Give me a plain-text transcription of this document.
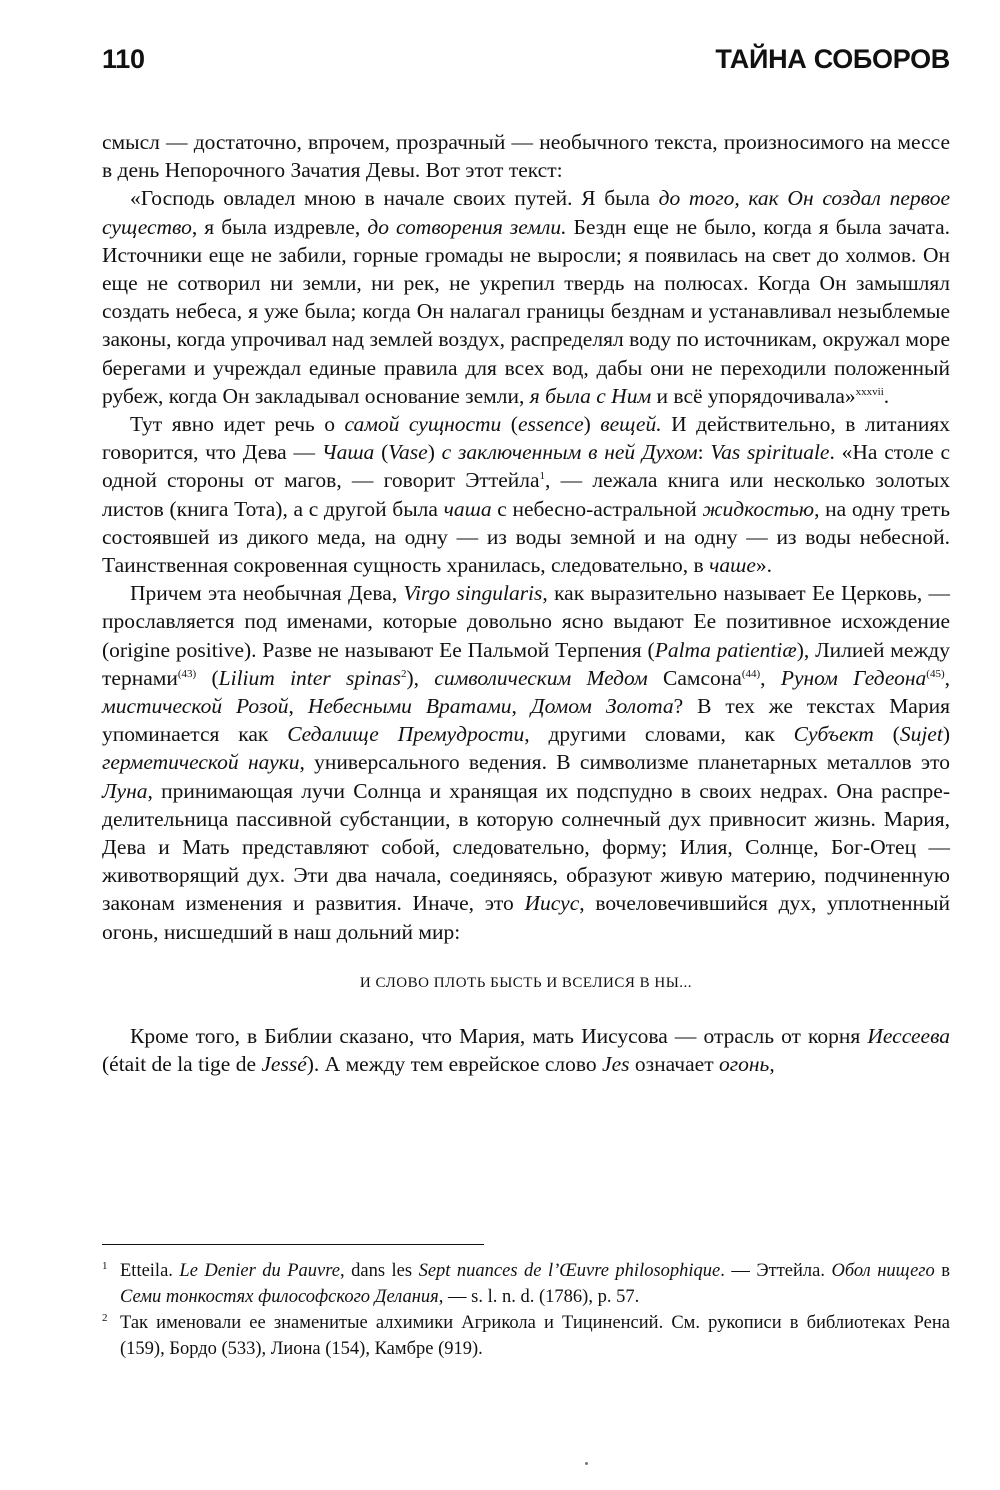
110	ТАЙНА СОБОРОВ

смысл — достаточно, впрочем, прозрачный — необычного текста, произносимого на мессе в день Непорочного Зачатия Девы. Вот этот текст:

«Господь овладел мною в начале своих путей. Я была до того, как Он создал первое существо, я была издревле, до сотворения земли. Бездн еще не было, когда я была зачата. Источники еще не забили, горные громады не выросли; я появилась на свет до холмов. Он еще не сотворил ни земли, ни рек, не укрепил твердь на полюсах. Когда Он замышлял создать небеса, я уже была; когда Он налагал границы безднам и устанавливал незыблемые законы, когда упрочивал над землей воздух, распределял воду по источникам, окружал море берегами и учреждал единые правила для всех вод, дабы они не переходили положенный рубеж, когда Он закладывал основание земли, я была с Ним и всё упорядочивала»$^{xxxvii}$.

Тут явно идет речь о самой сущности (essence) вещей. И действительно, в литаниях говорится, что Дева — Чаша (Vase) с заключенным в ней Духом: Vas spirituale. «На столе с одной стороны от магов, — говорит Эттейла$^1$, — лежала книга или несколько золотых листов (книга Тота), а с другой была чаша с небесно-астральной жидкостью, на одну треть состоявшей из дикого меда, на одну — из воды земной и на одну — из воды небесной. Таинственная сокровенная сущность хранилась, следовательно, в чаше».

Причем эта необычная Дева, Virgo singularis, как выразительно называет Ее Церковь, — прославляется под именами, которые довольно ясно выдают Ее позитивное исхождение (origine positive). Разве не называют Ее Пальмой Терпения (Palma patientiæ), Лилией между тернами$^{(43)}$ (Lilium inter spinas$^2$), символическим Медом Самсона$^{(44)}$, Руном Гедеона$^{(45)}$, мистической Розой, Небесными Вратами, Домом Золота? В тех же текстах Мария упоминается как Седалище Премудрости, другими словами, как Субъект (Sujet) герметической науки, универсального ведения. В символизме планетарных металлов это Луна, принимающая лучи Солнца и хранящая их подспудно в своих недрах. Она распределительница пассивной субстанции, в которую солнечный дух привносит жизнь. Мария, Дева и Мать представляют собой, следовательно, форму; Илия, Солнце, Бог-Отец — животворящий дух. Эти два начала, соединяясь, образуют живую материю, подчиненную законам изменения и развития. Иначе, это Иисус, вочеловечившийся дух, уплотненный огонь, нисшедший в наш дольний мир:

И СЛОВО ПЛОТЬ БЫСТЬ И ВСЕЛИСЯ В НЫ...

Кроме того, в Библии сказано, что Мария, мать Иисусова — отрасль от корня Иессеева (était de la tige de Jessé). А между тем еврейское слово Jes означает огонь,

1 Etteila. Le Denier du Pauvre, dans les Sept nuances de l’Œuvre philosophique. — Эттейла. Обол нищего в Семи тонкостях философского Делания, — s. l. n. d. (1786), p. 57.

2 Так именовали ее знаменитые алхимики Агрикола и Тициненсий. См. рукописи в библиотеках Рена (159), Бордо (533), Лиона (154), Камбре (919).
